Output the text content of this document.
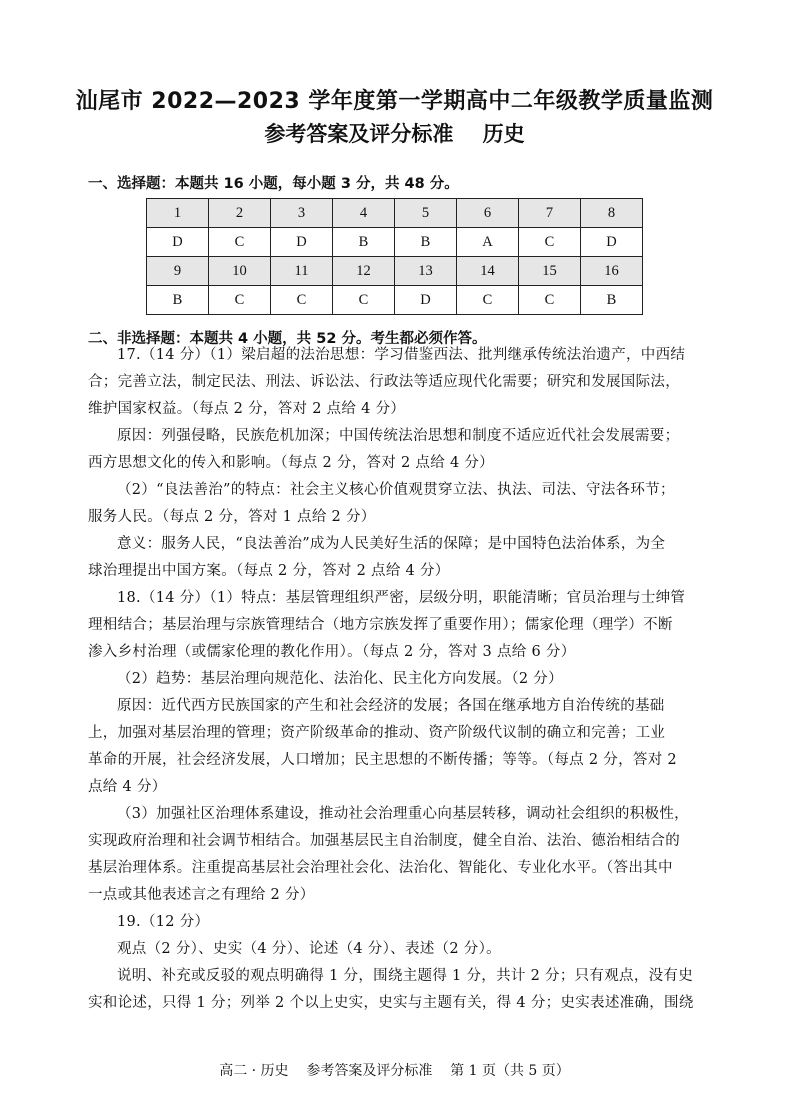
汕尾市 2022—2023 学年度第一学期高中二年级教学质量监测
参考答案及评分标准    历史
一、选择题：本题共 16 小题，每小题 3 分，共 48 分。
1	2	3	4	5	6	7	8
D	C	D	B	B	A	C	D
9	10	11	12	13	14	15	16
B	C	C	C	D	C	C	B
二、非选择题：本题共 4 小题，共 52 分。考生都必须作答。
17.（14 分）（1）梁启超的法治思想：学习借鉴西法、批判继承传统法治遗产，中西结
合；完善立法，制定民法、刑法、诉讼法、行政法等适应现代化需要；研究和发展国际法，
维护国家权益。（每点 2 分，答对 2 点给 4 分）
原因：列强侵略，民族危机加深；中国传统法治思想和制度不适应近代社会发展需要；
西方思想文化的传入和影响。（每点 2 分，答对 2 点给 4 分）
（2）“良法善治”的特点：社会主义核心价值观贯穿立法、执法、司法、守法各环节；
服务人民。（每点 2 分，答对 1 点给 2 分）
意义：服务人民，“良法善治”成为人民美好生活的保障；是中国特色法治体系，为全
球治理提出中国方案。（每点 2 分，答对 2 点给 4 分）
18.（14 分）（1）特点：基层管理组织严密，层级分明，职能清晰；官员治理与士绅管
理相结合；基层治理与宗族管理结合（地方宗族发挥了重要作用）；儒家伦理（理学）不断
渗入乡村治理（或儒家伦理的教化作用）。（每点 2 分，答对 3 点给 6 分）
（2）趋势：基层治理向规范化、法治化、民主化方向发展。（2 分）
原因：近代西方民族国家的产生和社会经济的发展；各国在继承地方自治传统的基础
上，加强对基层治理的管理；资产阶级革命的推动、资产阶级代议制的确立和完善；工业
革命的开展，社会经济发展，人口增加；民主思想的不断传播；等等。（每点 2 分，答对 2
点给 4 分）
（3）加强社区治理体系建设，推动社会治理重心向基层转移，调动社会组织的积极性，
实现政府治理和社会调节相结合。加强基层民主自治制度，健全自治、法治、德治相结合的
基层治理体系。注重提高基层社会治理社会化、法治化、智能化、专业化水平。（答出其中
一点或其他表述言之有理给 2 分）
19.（12 分）
观点（2 分）、史实（4 分）、论述（4 分）、表述（2 分）。
说明、补充或反驳的观点明确得 1 分，围绕主题得 1 分，共计 2 分；只有观点，没有史
实和论述，只得 1 分；列举 2 个以上史实，史实与主题有关，得 4 分；史实表述准确，围绕
高二 · 历史    参考答案及评分标准    第 1 页（共 5 页）
